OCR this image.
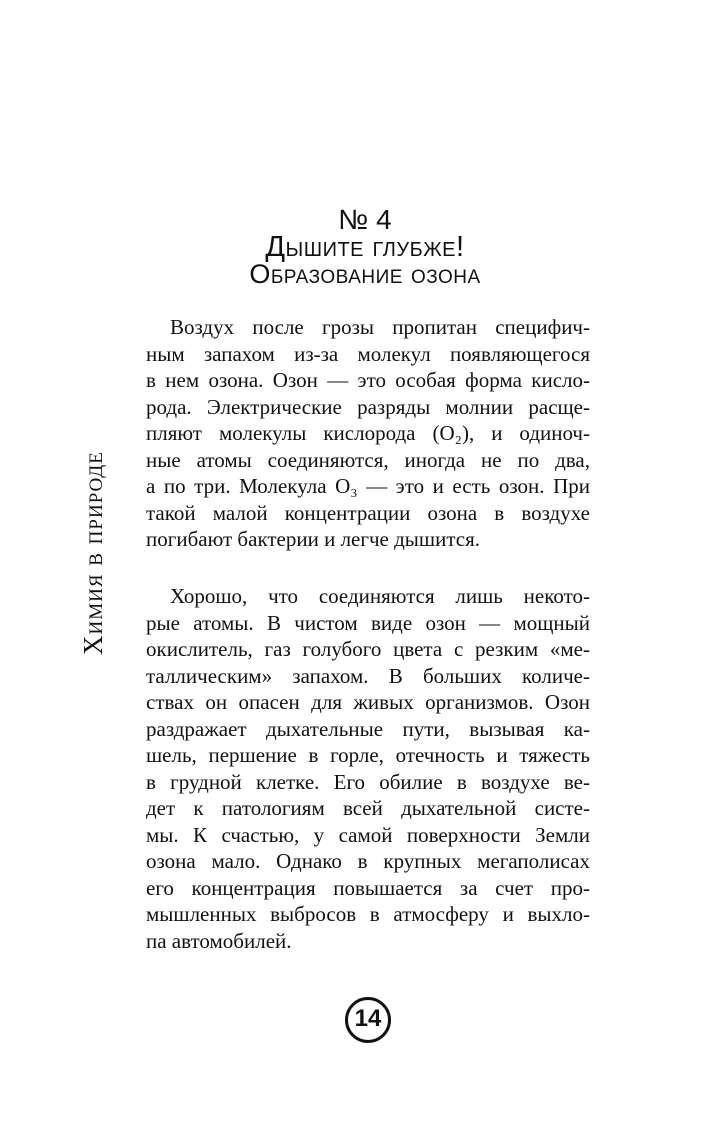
Химия в природе
№ 4
Дышите глубже!
Образование озона
Воздух после грозы пропитан специфич-
ным запахом из-за молекул появляющегося
в нем озона. Озон — это особая форма кисло-
рода. Электрические разряды молнии расще-
пляют молекулы кислорода (O₂), и одиноч-
ные атомы соединяются, иногда не по два,
а по три. Молекула O₃ — это и есть озон. При
такой малой концентрации озона в воздухе
погибают бактерии и легче дышится.
Хорошо, что соединяются лишь некото-
рые атомы. В чистом виде озон — мощный
окислитель, газ голубого цвета с резким «ме-
таллическим» запахом. В больших количе-
ствах он опасен для живых организмов. Озон
раздражает дыхательные пути, вызывая ка-
шель, першение в горле, отечность и тяжесть
в грудной клетке. Его обилие в воздухе ве-
дет к патологиям всей дыхательной систе-
мы. К счастью, у самой поверхности Земли
озона мало. Однако в крупных мегаполисах
его концентрация повышается за счет про-
мышленных выбросов в атмосферу и выхло-
па автомобилей.
14
